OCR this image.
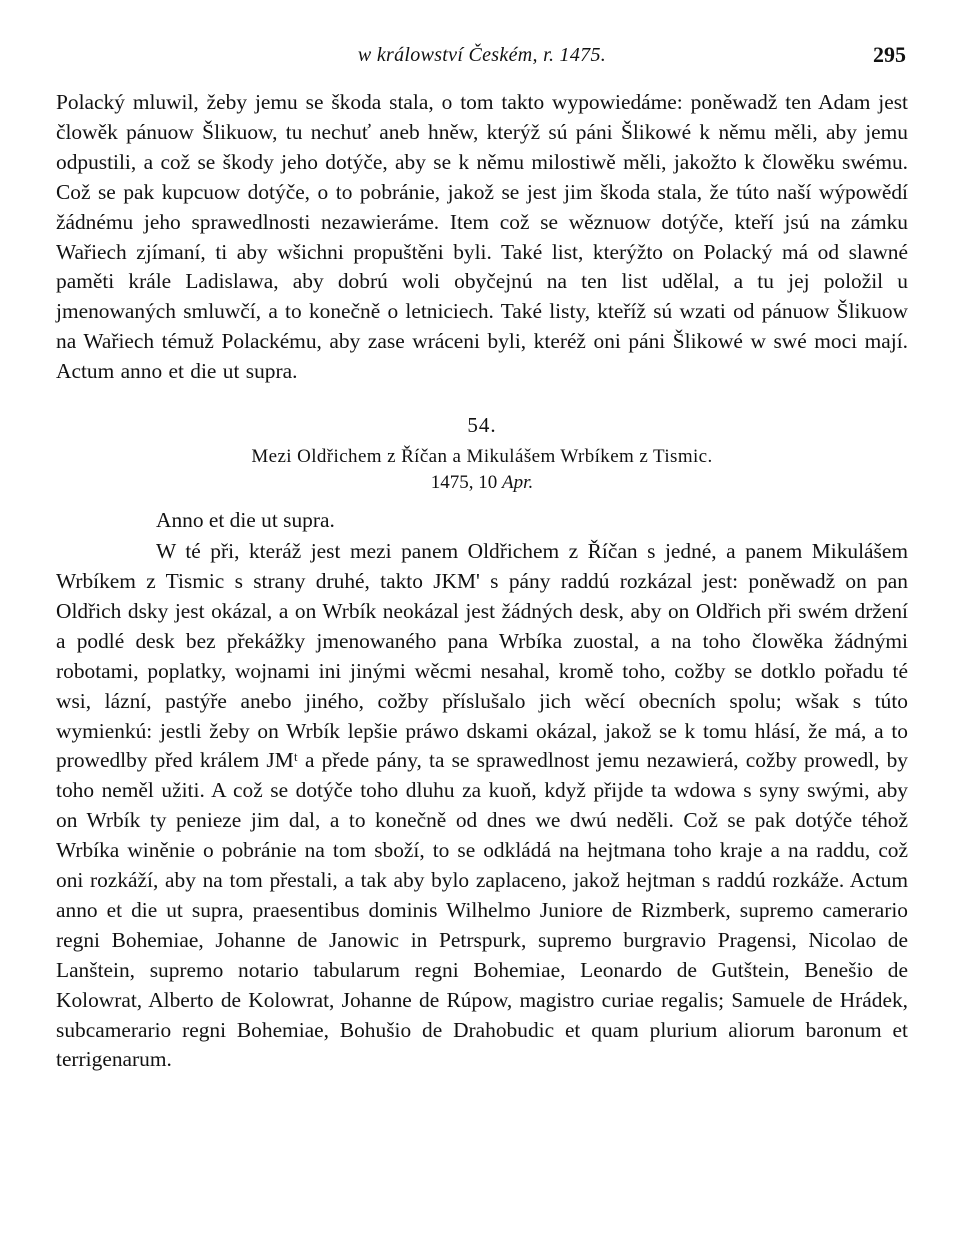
w králowství Českém, r. 1475.	295

Polacký mluwil, žeby jemu se škoda stala, o tom takto wypowiedáme: poněwadž ten Adam jest člowěk pánuow Šlikuow, tu nechuť aneb hněw, kterýž sú páni Šlikowé k němu měli, aby jemu odpustili, a což se škody jeho dotýče, aby se k němu milostiwě měli, jakožto k člowěku swému. Což se pak kupcuow dotýče, o to pobránie, jakož se jest jim škoda stala, že túto naší wýpowědí žádnému jeho sprawedlnosti nezawieráme. Item což se wěznuow dotýče, kteří jsú na zámku Wařiech zjímaní, ti aby wšichni propuštěni byli. Také list, kterýžto on Polacký má od slawné paměti krále Ladislawa, aby dobrú woli obyčejnú na ten list udělal, a tu jej položil u jmenowaných smluwčí, a to konečně o letniciech. Také listy, kteříž sú wzati od pánuow Šlikuow na Wařiech témuž Polackému, aby zase wráceni byli, kteréž oni páni Šlikowé w swé moci mají. Actum anno et die ut supra.

54.
Mezi Oldřichem z Říčan a Mikulášem Wrbíkem z Tismic.
1475, 10 Apr.
Anno et die ut supra.

W té při, kteráž jest mezi panem Oldřichem z Říčan s jedné, a panem Mikulášem Wrbíkem z Tismic s strany druhé, takto JKM' s pány raddú rozkázal jest: poněwadž on pan Oldřich dsky jest okázal, a on Wrbík neokázal jest žádných desk, aby on Oldřich při swém držení a podlé desk bez překážky jmenowaného pana Wrbíka zuostal, a na toho člowěka žádnými robotami, poplatky, wojnami ini jinými wěcmi nesahal, kromě toho, cožby se dotklo pořadu té wsi, lázní, pastýře anebo jiného, cožby příslušalo jich wěcí obecních spolu; wšak s túto wymienkú: jestli žeby on Wrbík lepšie práwo dskami okázal, jakož se k tomu hlásí, že má, a to prowedlby před králem JMᵗ a přede pány, ta se sprawedlnost jemu nezawierá, cožby prowedl, by toho neměl užiti. A což se dotýče toho dluhu za kuoň, když přijde ta wdowa s syny swými, aby on Wrbík ty penieze jim dal, a to konečně od dnes we dwú neděli. Což se pak dotýče téhož Wrbíka winěnie o pobránie na tom sboží, to se odkládá na hejtmana toho kraje a na raddu, což oni rozkáží, aby na tom přestali, a tak aby bylo zaplaceno, jakož hejtman s raddú rozkáže. Actum anno et die ut supra, praesentibus dominis Wilhelmo Juniore de Rizmberk, supremo camerario regni Bohemiae, Johanne de Janowic in Petrspurk, supremo burgravio Pragensi, Nicolao de Lanštein, supremo notario tabularum regni Bohemiae, Leonardo de Gutštein, Benešio de Kolowrat, Alberto de Kolowrat, Johanne de Rúpow, magistro curiae regalis; Samuele de Hrádek, subcamerario regni Bohemiae, Bohušio de Drahobudic et quam plurium aliorum baronum et terrigenarum.
